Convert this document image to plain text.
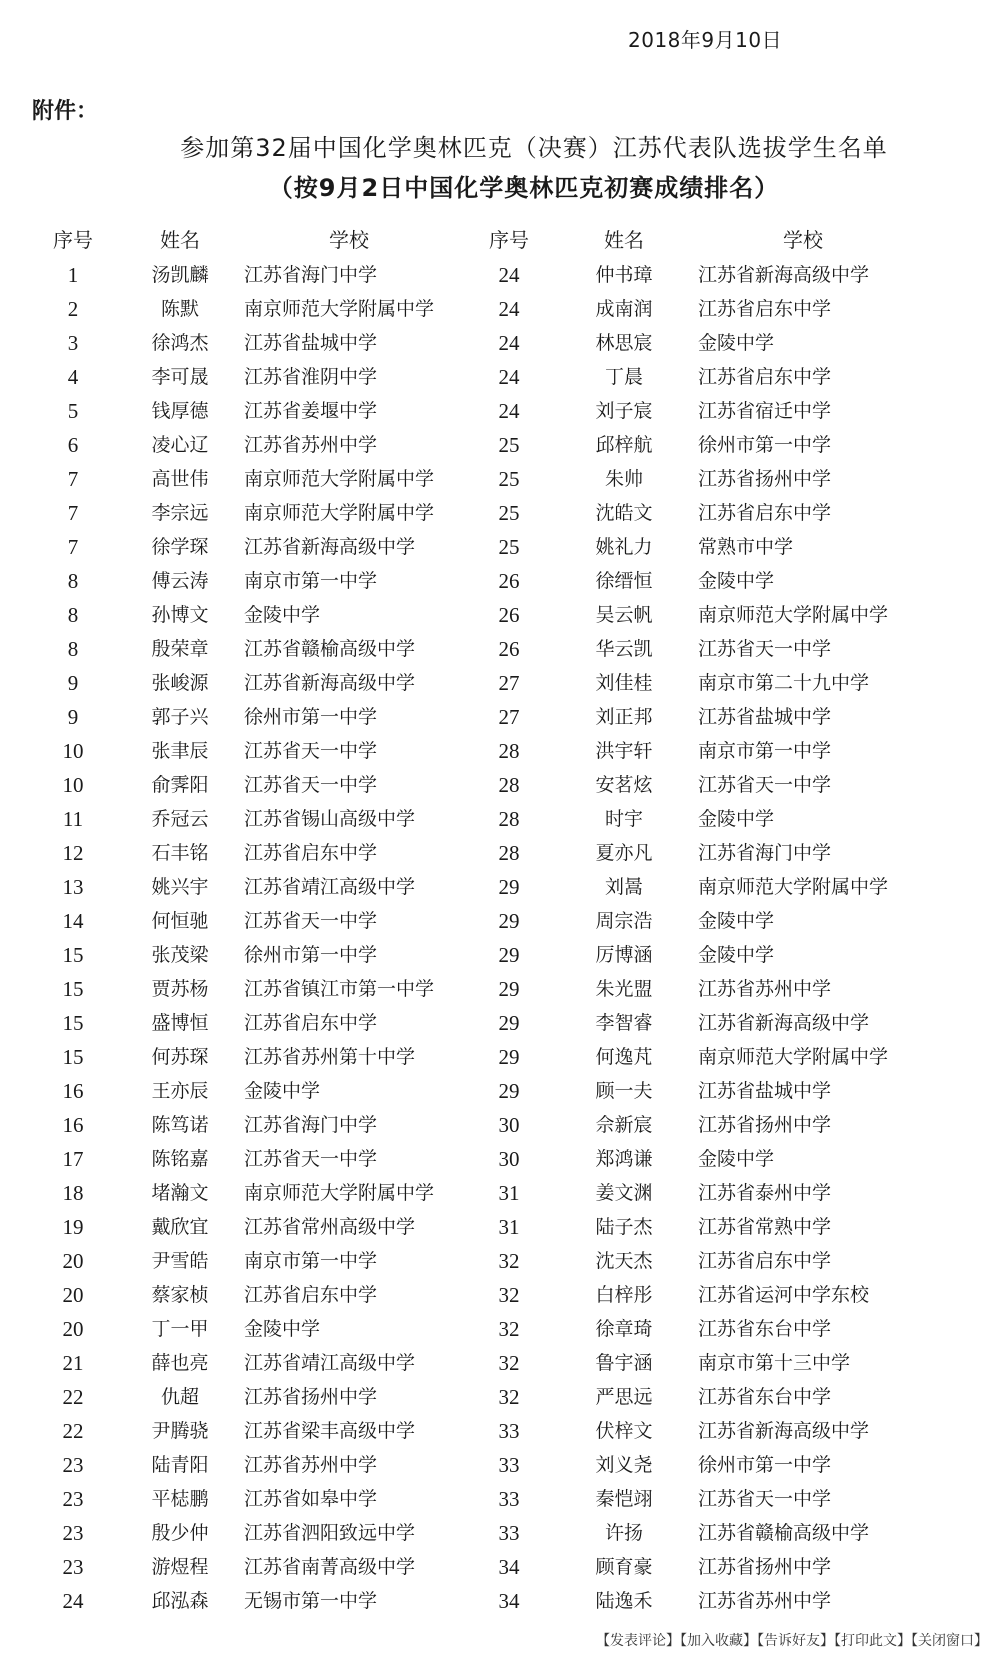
2018年9月10日
附件：
参加第32届中国化学奥林匹克（决赛）江苏代表队选拔学生名单
（按9月2日中国化学奥林匹克初赛成绩排名）
序号	姓名	学校	序号	姓名	学校
1	汤凯麟	江苏省海门中学	24	仲书璋	江苏省新海高级中学
2	陈默	南京师范大学附属中学	24	成南润	江苏省启东中学
3	徐鸿杰	江苏省盐城中学	24	林思宸	金陵中学
4	李可晟	江苏省淮阴中学	24	丁晨	江苏省启东中学
5	钱厚德	江苏省姜堰中学	24	刘子宸	江苏省宿迁中学
6	凌心辽	江苏省苏州中学	25	邱梓航	徐州市第一中学
7	高世伟	南京师范大学附属中学	25	朱帅	江苏省扬州中学
7	李宗远	南京师范大学附属中学	25	沈皓文	江苏省启东中学
7	徐学琛	江苏省新海高级中学	25	姚礼力	常熟市中学
8	傅云涛	南京市第一中学	26	徐缙恒	金陵中学
8	孙博文	金陵中学	26	吴云帆	南京师范大学附属中学
8	殷荣章	江苏省赣榆高级中学	26	华云凯	江苏省天一中学
9	张峻源	江苏省新海高级中学	27	刘佳桂	南京市第二十九中学
9	郭子兴	徐州市第一中学	27	刘正邦	江苏省盐城中学
10	张聿辰	江苏省天一中学	28	洪宇轩	南京市第一中学
10	俞霁阳	江苏省天一中学	28	安茗炫	江苏省天一中学
11	乔冠云	江苏省锡山高级中学	28	时宇	金陵中学
12	石丰铭	江苏省启东中学	28	夏亦凡	江苏省海门中学
13	姚兴宇	江苏省靖江高级中学	29	刘暠	南京师范大学附属中学
14	何恒驰	江苏省天一中学	29	周宗浩	金陵中学
15	张茂梁	徐州市第一中学	29	厉博涵	金陵中学
15	贾苏杨	江苏省镇江市第一中学	29	朱光盟	江苏省苏州中学
15	盛博恒	江苏省启东中学	29	李智睿	江苏省新海高级中学
15	何苏琛	江苏省苏州第十中学	29	何逸芃	南京师范大学附属中学
16	王亦辰	金陵中学	29	顾一夫	江苏省盐城中学
16	陈笃诺	江苏省海门中学	30	佘新宸	江苏省扬州中学
17	陈铭嘉	江苏省天一中学	30	郑鸿谦	金陵中学
18	堵瀚文	南京师范大学附属中学	31	姜文渊	江苏省泰州中学
19	戴欣宜	江苏省常州高级中学	31	陆子杰	江苏省常熟中学
20	尹雪皓	南京市第一中学	32	沈天杰	江苏省启东中学
20	蔡家桢	江苏省启东中学	32	白梓彤	江苏省运河中学东校
20	丁一甲	金陵中学	32	徐章琦	江苏省东台中学
21	薛也亮	江苏省靖江高级中学	32	鲁宇涵	南京市第十三中学
22	仇超	江苏省扬州中学	32	严思远	江苏省东台中学
22	尹腾骁	江苏省梁丰高级中学	33	伏梓文	江苏省新海高级中学
23	陆青阳	江苏省苏州中学	33	刘义尧	徐州市第一中学
23	平梽鹏	江苏省如皋中学	33	秦恺翊	江苏省天一中学
23	殷少仲	江苏省泗阳致远中学	33	许扬	江苏省赣榆高级中学
23	游煜程	江苏省南菁高级中学	34	顾育豪	江苏省扬州中学
24	邱泓森	无锡市第一中学	34	陆逸禾	江苏省苏州中学
【发表评论】【加入收藏】【告诉好友】【打印此文】【关闭窗口】
